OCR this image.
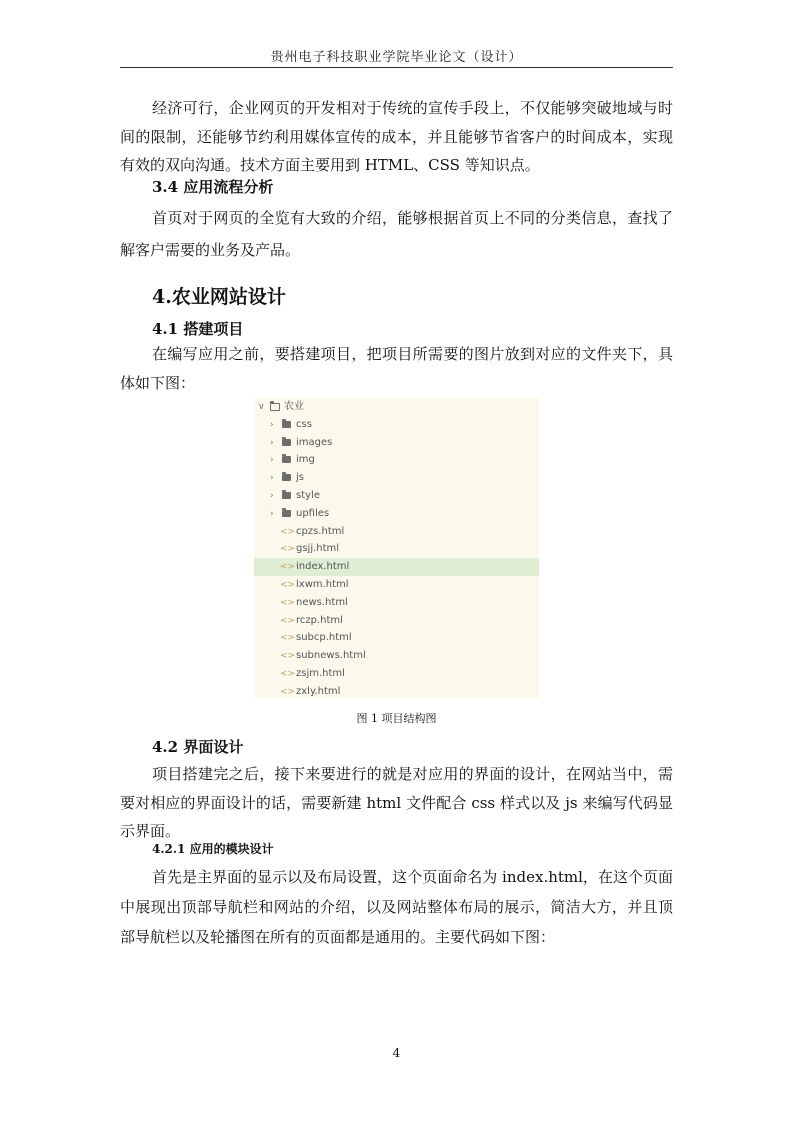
贵州电子科技职业学院毕业论文（设计）
经济可行，企业网页的开发相对于传统的宣传手段上，不仅能够突破地域与时间的限制，还能够节约利用媒体宣传的成本，并且能够节省客户的时间成本，实现有效的双向沟通。技术方面主要用到 HTML、CSS 等知识点。
3.4 应用流程分析
首页对于网页的全览有大致的介绍，能够根据首页上不同的分类信息，查找了解客户需要的业务及产品。
4.农业网站设计
4.1 搭建项目
在编写应用之前，要搭建项目，把项目所需要的图片放到对应的文件夹下，具体如下图：
∨ 农业
› css
› images
› img
› js
› style
› upfiles
<> cpzs.html
<> gsjj.html
<> index.html
<> lxwm.html
<> news.html
<> rczp.html
<> subcp.html
<> subnews.html
<> zsjm.html
<> zxly.html
图 1 项目结构图
4.2 界面设计
项目搭建完之后，接下来要进行的就是对应用的界面的设计，在网站当中，需要对相应的界面设计的话，需要新建 html 文件配合 css 样式以及 js 来编写代码显示界面。
4.2.1 应用的模块设计
首先是主界面的显示以及布局设置，这个页面命名为 index.html，在这个页面中展现出顶部导航栏和网站的介绍，以及网站整体布局的展示，简洁大方，并且顶部导航栏以及轮播图在所有的页面都是通用的。主要代码如下图：
4
